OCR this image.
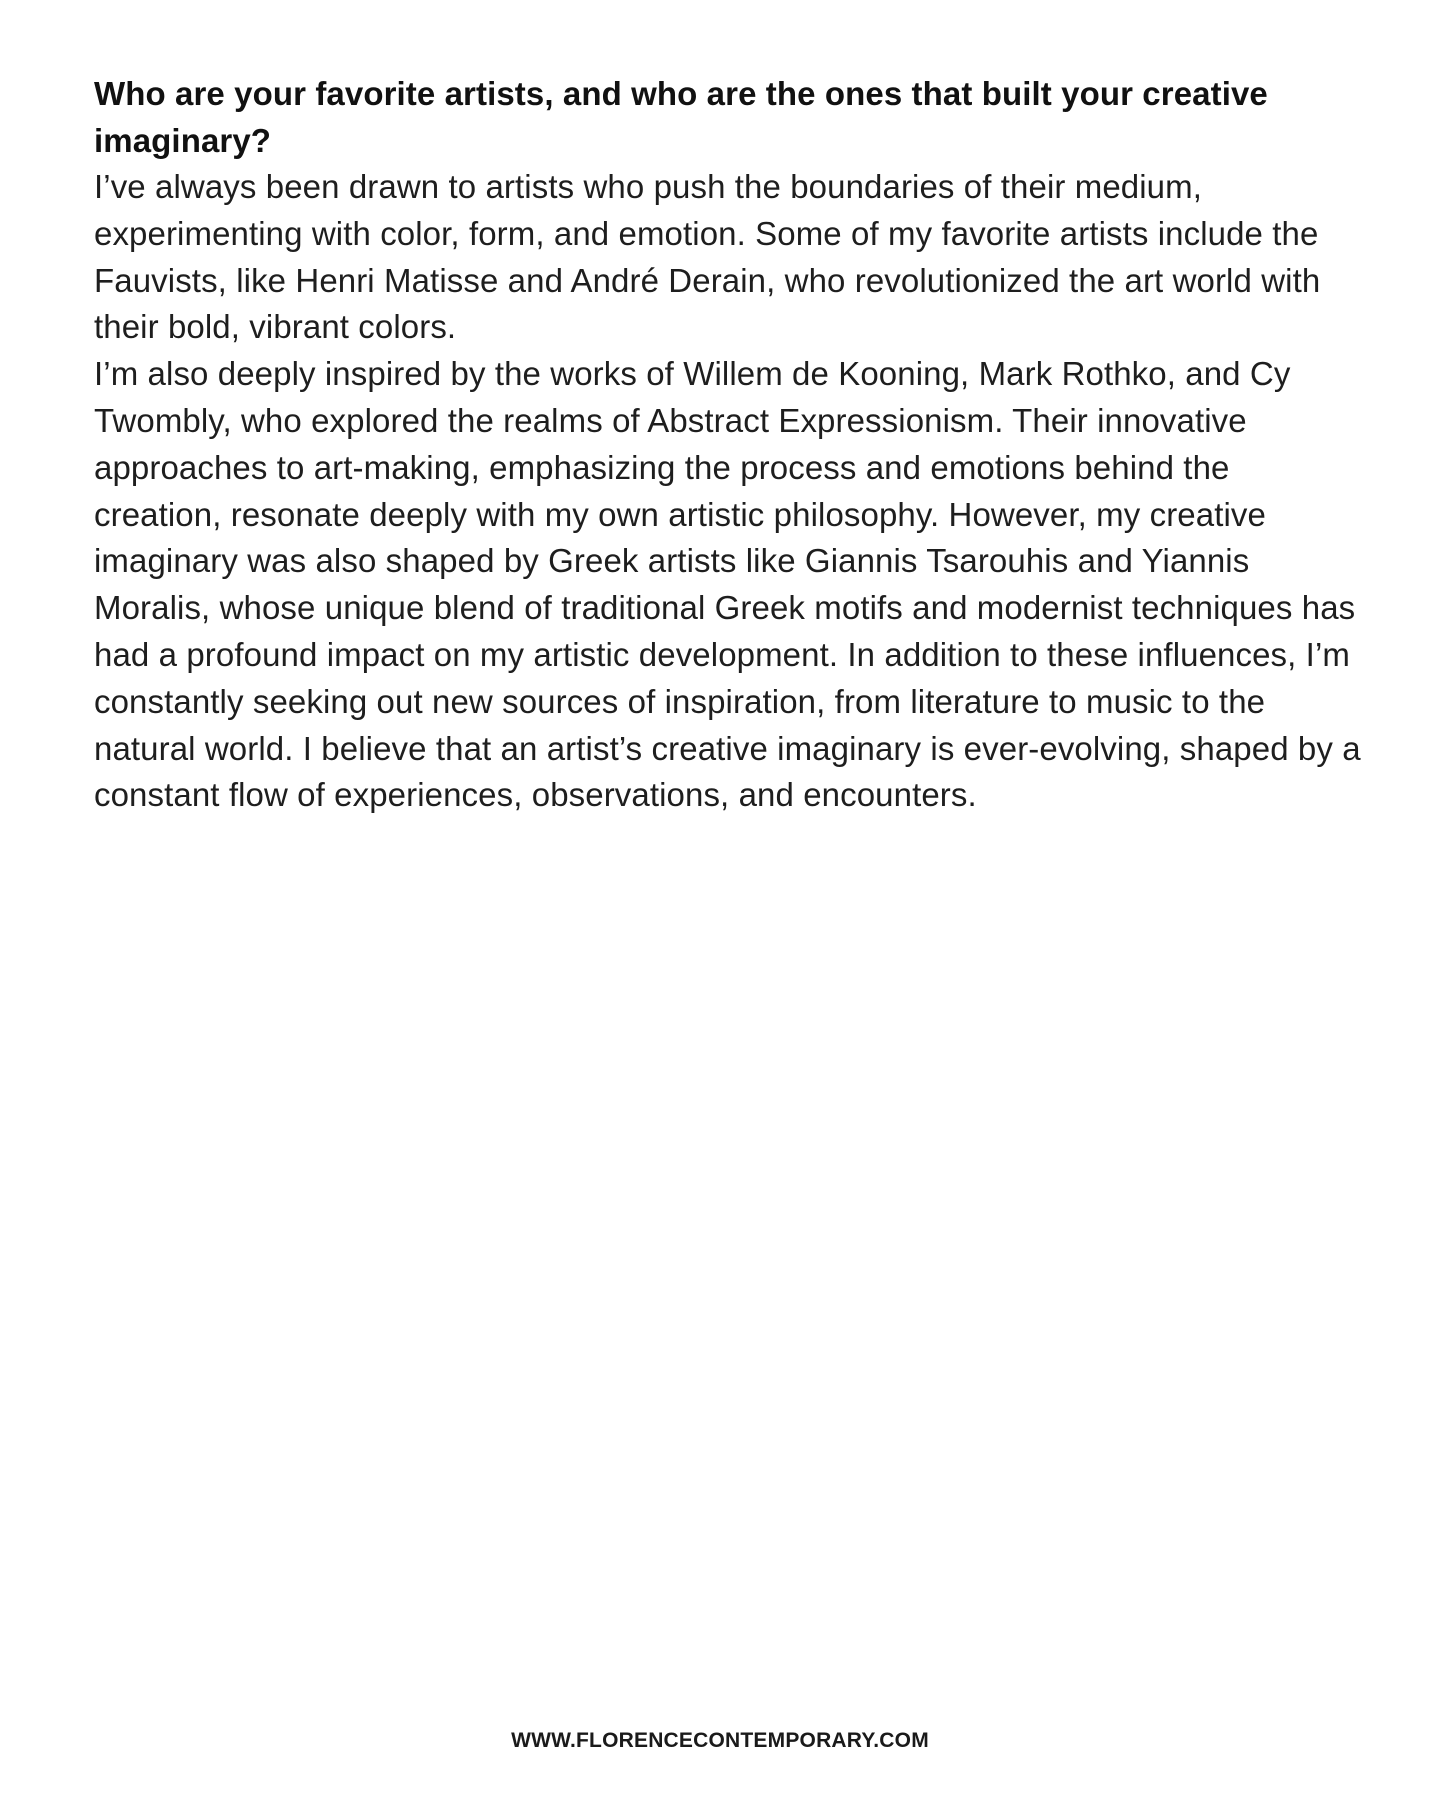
Who are your favorite artists, and who are the ones that built your creative imaginary?

I’ve always been drawn to artists who push the boundaries of their medium, experimenting with color, form, and emotion. Some of my favorite artists include the Fauvists, like Henri Matisse and André Derain, who revolutionized the art world with their bold, vibrant colors.

I’m also deeply inspired by the works of Willem de Kooning, Mark Rothko, and Cy Twombly, who explored the realms of Abstract Expressionism. Their innovative approaches to art-making, emphasizing the process and emotions behind the creation, resonate deeply with my own artistic philosophy. However, my creative imaginary was also shaped by Greek artists like Giannis Tsarouhis and Yiannis Moralis, whose unique blend of traditional Greek motifs and modernist techniques has had a profound impact on my artistic development. In addition to these influences, I’m constantly seeking out new sources of inspiration, from literature to music to the natural world. I believe that an artist’s creative imaginary is ever-evolving, shaped by a constant flow of experiences, observations, and encounters.

WWW.FLORENCECONTEMPORARY.COM
